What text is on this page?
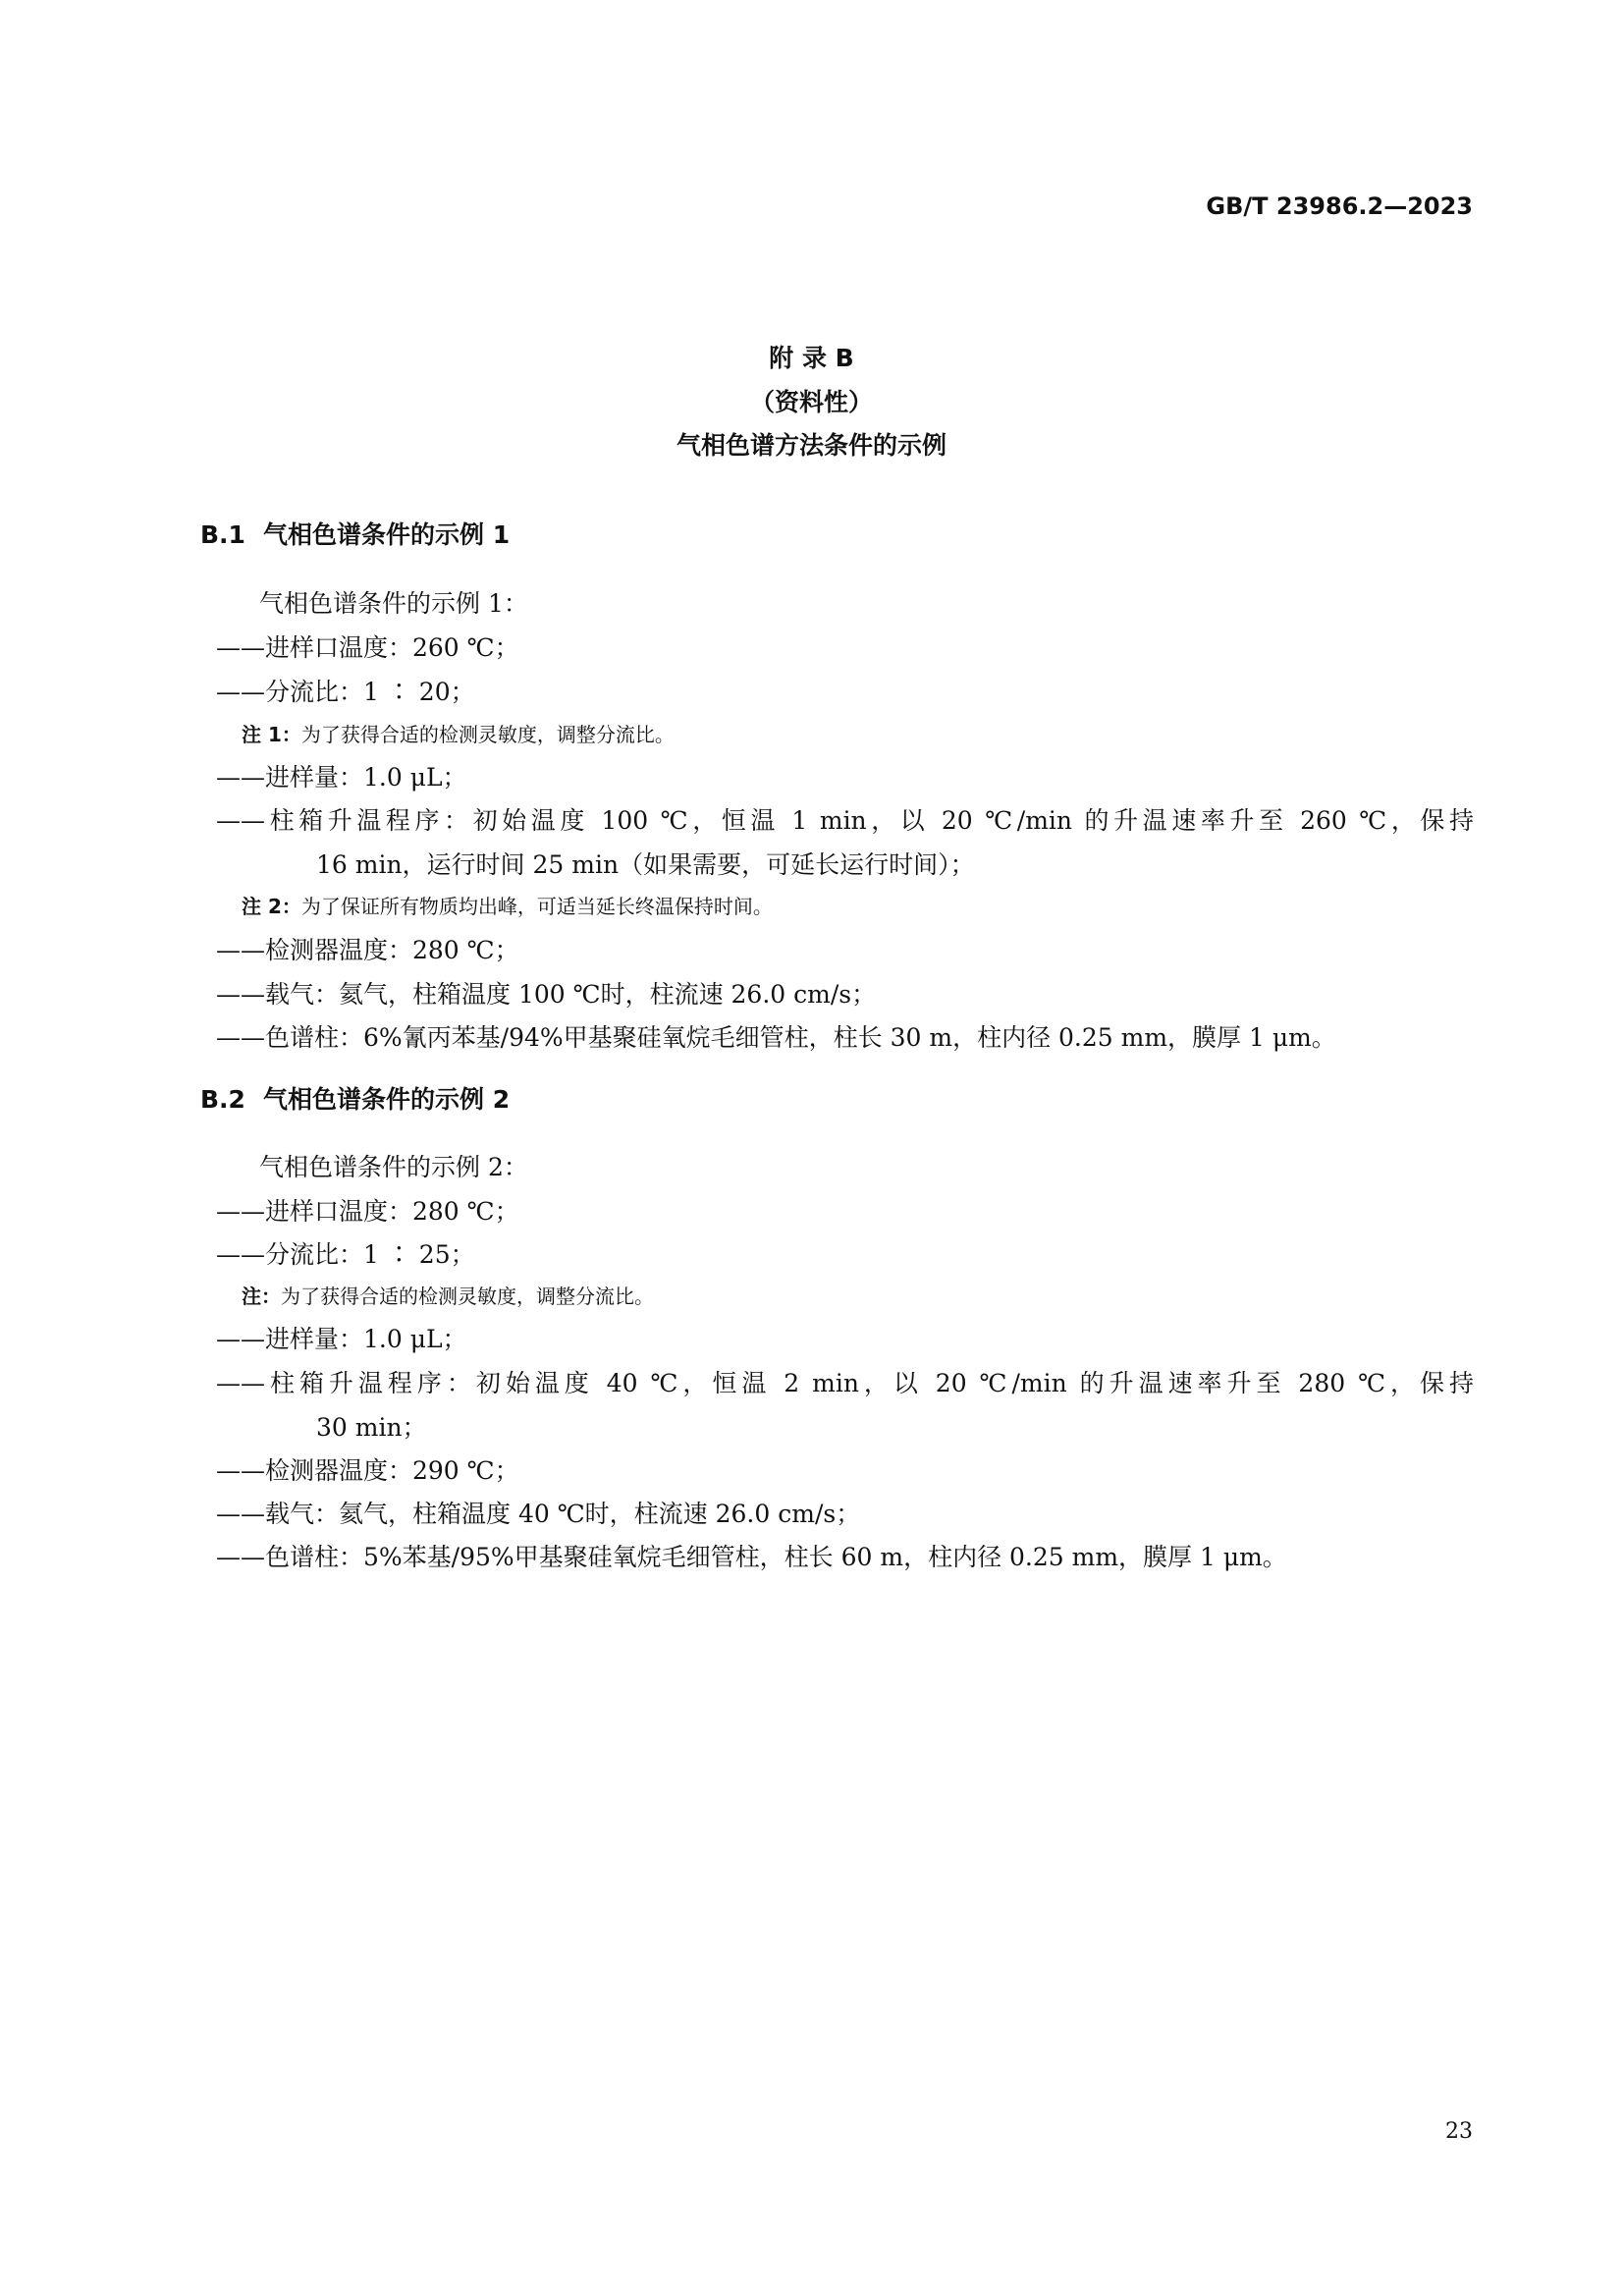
GB/T 23986.2—2023
附 录 B
（资料性）
气相色谱方法条件的示例
B.1 气相色谱条件的示例 1
气相色谱条件的示例 1：
——进样口温度：260 ℃；
——分流比：1 ∶ 20；
注 1：为了获得合适的检测灵敏度，调整分流比。
——进样量：1.0 μL；
——柱箱升温程序：初始温度 100 ℃，恒温 1 min，以 20 ℃/min 的升温速率升至 260 ℃，保持
16 min，运行时间 25 min（如果需要，可延长运行时间）；
注 2：为了保证所有物质均出峰，可适当延长终温保持时间。
——检测器温度：280 ℃；
——载气：氦气，柱箱温度 100 ℃时，柱流速 26.0 cm/s；
——色谱柱：6%氰丙苯基/94%甲基聚硅氧烷毛细管柱，柱长 30 m，柱内径 0.25 mm，膜厚 1 μm。
B.2 气相色谱条件的示例 2
气相色谱条件的示例 2：
——进样口温度：280 ℃；
——分流比：1 ∶ 25；
注：为了获得合适的检测灵敏度，调整分流比。
——进样量：1.0 μL；
——柱箱升温程序：初始温度 40 ℃，恒温 2 min，以 20 ℃/min 的升温速率升至 280 ℃，保持
30 min；
——检测器温度：290 ℃；
——载气：氦气，柱箱温度 40 ℃时，柱流速 26.0 cm/s；
——色谱柱：5%苯基/95%甲基聚硅氧烷毛细管柱，柱长 60 m，柱内径 0.25 mm，膜厚 1 μm。
23
